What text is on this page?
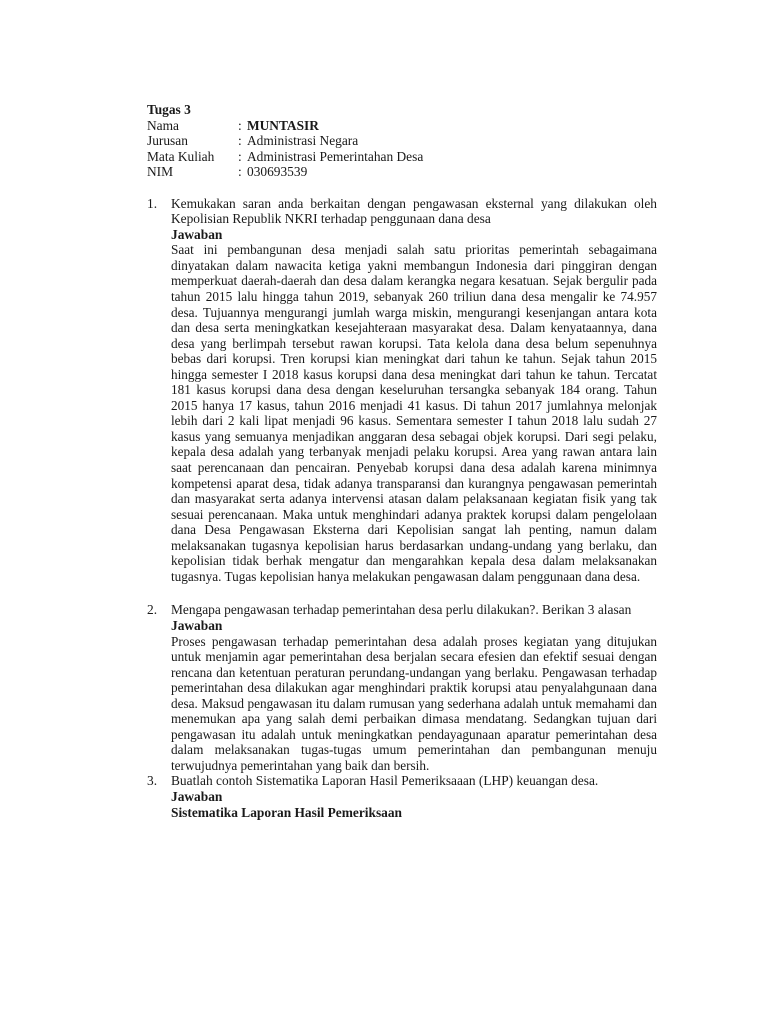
Tugas 3
Nama	: MUNTASIR
Jurusan	: Administrasi Negara
Mata Kuliah	: Administrasi Pemerintahan Desa
NIM	: 030693539
1.	Kemukakan saran anda berkaitan dengan pengawasan eksternal yang dilakukan oleh Kepolisian Republik NKRI terhadap penggunaan dana desa
Jawaban
Saat ini pembangunan desa menjadi salah satu prioritas pemerintah sebagaimana dinyatakan dalam nawacita ketiga yakni membangun Indonesia dari pinggiran dengan memperkuat daerah-daerah dan desa dalam kerangka negara kesatuan. Sejak bergulir pada tahun 2015 lalu hingga tahun 2019, sebanyak 260 triliun dana desa mengalir ke 74.957 desa. Tujuannya mengurangi jumlah warga miskin, mengurangi kesenjangan antara kota dan desa serta meningkatkan kesejahteraan masyarakat desa. Dalam kenyataannya, dana desa yang berlimpah tersebut rawan korupsi. Tata kelola dana desa belum sepenuhnya bebas dari korupsi. Tren korupsi kian meningkat dari tahun ke tahun. Sejak tahun 2015 hingga semester I 2018 kasus korupsi dana desa meningkat dari tahun ke tahun. Tercatat 181 kasus korupsi dana desa dengan keseluruhan tersangka sebanyak 184 orang. Tahun 2015 hanya 17 kasus, tahun 2016 menjadi 41 kasus. Di tahun 2017 jumlahnya melonjak lebih dari 2 kali lipat menjadi 96 kasus. Sementara semester I tahun 2018 lalu sudah 27 kasus yang semuanya menjadikan anggaran desa sebagai objek korupsi. Dari segi pelaku, kepala desa adalah yang terbanyak menjadi pelaku korupsi. Area yang rawan antara lain saat perencanaan dan pencairan. Penyebab korupsi dana desa adalah karena minimnya kompetensi aparat desa, tidak adanya transparansi dan kurangnya pengawasan pemerintah dan masyarakat serta adanya intervensi atasan dalam pelaksanaan kegiatan fisik yang tak sesuai perencanaan. Maka untuk menghindari adanya praktek korupsi dalam pengelolaan dana Desa Pengawasan Eksterna dari Kepolisian sangat lah penting, namun dalam melaksanakan tugasnya kepolisian harus berdasarkan undang-undang yang berlaku, dan kepolisian tidak berhak mengatur dan mengarahkan kepala desa dalam melaksanakan tugasnya. Tugas kepolisian hanya melakukan pengawasan dalam penggunaan dana desa.
2.	Mengapa pengawasan terhadap pemerintahan desa perlu dilakukan?. Berikan 3 alasan
Jawaban
Proses pengawasan terhadap pemerintahan desa adalah proses kegiatan yang ditujukan untuk menjamin agar pemerintahan desa berjalan secara efesien dan efektif sesuai dengan rencana dan ketentuan peraturan perundang-undangan yang berlaku. Pengawasan terhadap pemerintahan desa dilakukan agar menghindari praktik korupsi atau penyalahgunaan dana desa. Maksud pengawasan itu dalam rumusan yang sederhana adalah untuk memahami dan menemukan apa yang salah demi perbaikan dimasa mendatang. Sedangkan tujuan dari pengawasan itu adalah untuk meningkatkan pendayagunaan aparatur pemerintahan desa dalam melaksanakan tugas-tugas umum pemerintahan dan pembangunan menuju terwujudnya pemerintahan yang baik dan bersih.
3.	Buatlah contoh Sistematika Laporan Hasil Pemeriksaaan (LHP) keuangan desa.
Jawaban
Sistematika Laporan Hasil Pemeriksaan
